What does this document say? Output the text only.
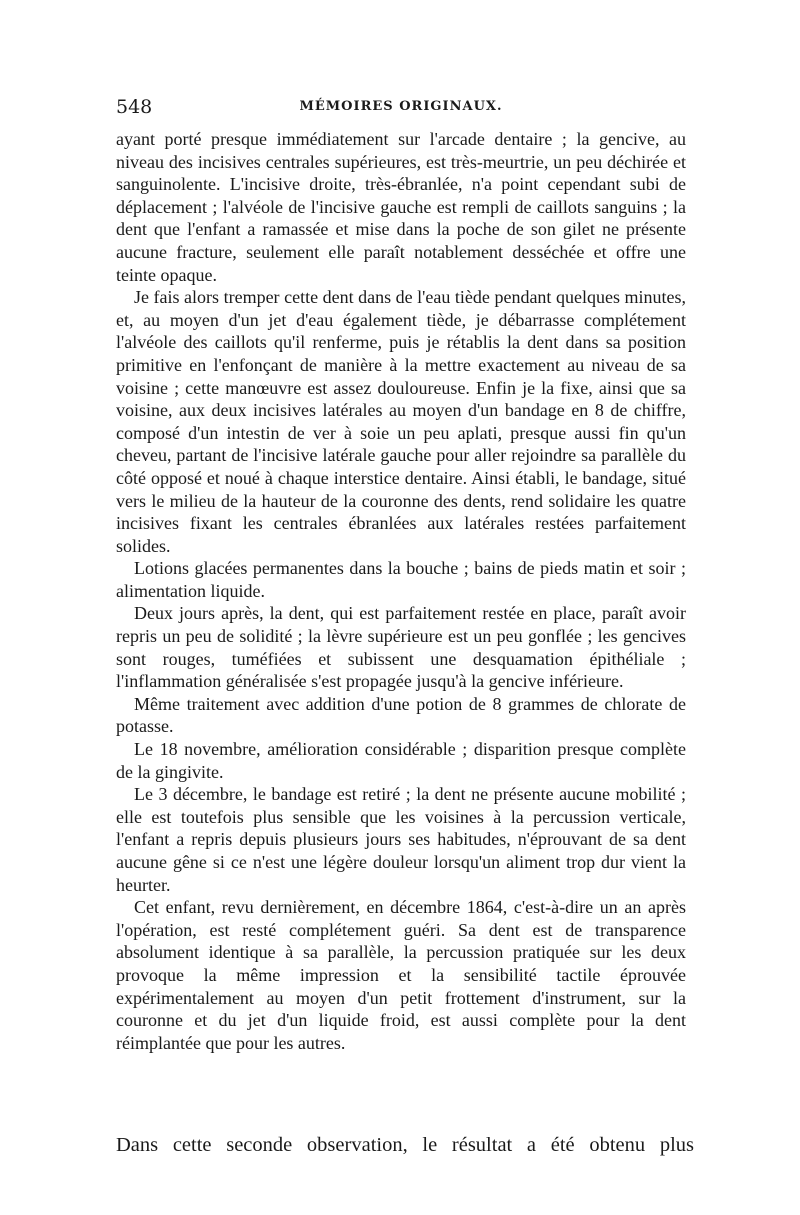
548	MÉMOIRES ORIGINAUX.

ayant porté presque immédiatement sur l'arcade dentaire ; la gencive, au niveau des incisives centrales supérieures, est très-meurtrie, un peu déchirée et sanguinolente. L'incisive droite, très-ébranlée, n'a point cependant subi de déplacement ; l'alvéole de l'incisive gauche est rempli de caillots sanguins ; la dent que l'enfant a ramassée et mise dans la poche de son gilet ne présente aucune fracture, seulement elle paraît notablement desséchée et offre une teinte opaque.

Je fais alors tremper cette dent dans de l'eau tiède pendant quelques minutes, et, au moyen d'un jet d'eau également tiède, je débarrasse complétement l'alvéole des caillots qu'il renferme, puis je rétablis la dent dans sa position primitive en l'enfonçant de manière à la mettre exactement au niveau de sa voisine ; cette manœuvre est assez douloureuse. Enfin je la fixe, ainsi que sa voisine, aux deux incisives latérales au moyen d'un bandage en 8 de chiffre, composé d'un intestin de ver à soie un peu aplati, presque aussi fin qu'un cheveu, partant de l'incisive latérale gauche pour aller rejoindre sa parallèle du côté opposé et noué à chaque interstice dentaire. Ainsi établi, le bandage, situé vers le milieu de la hauteur de la couronne des dents, rend solidaire les quatre incisives fixant les centrales ébranlées aux latérales restées parfaitement solides.

Lotions glacées permanentes dans la bouche ; bains de pieds matin et soir ; alimentation liquide.

Deux jours après, la dent, qui est parfaitement restée en place, paraît avoir repris un peu de solidité ; la lèvre supérieure est un peu gonflée ; les gencives sont rouges, tuméfiées et subissent une desquamation épithéliale ; l'inflammation généralisée s'est propagée jusqu'à la gencive inférieure.

Même traitement avec addition d'une potion de 8 grammes de chlorate de potasse.

Le 18 novembre, amélioration considérable ; disparition presque complète de la gingivite.

Le 3 décembre, le bandage est retiré ; la dent ne présente aucune mobilité ; elle est toutefois plus sensible que les voisines à la percussion verticale, l'enfant a repris depuis plusieurs jours ses habitudes, n'éprouvant de sa dent aucune gêne si ce n'est une légère douleur lorsqu'un aliment trop dur vient la heurter.

Cet enfant, revu dernièrement, en décembre 1864, c'est-à-dire un an après l'opération, est resté complétement guéri. Sa dent est de transparence absolument identique à sa parallèle, la percussion pratiquée sur les deux provoque la même impression et la sensibilité tactile éprouvée expérimentalement au moyen d'un petit frottement d'instrument, sur la couronne et du jet d'un liquide froid, est aussi complète pour la dent réimplantée que pour les autres.

Dans cette seconde observation, le résultat a été obtenu plus
